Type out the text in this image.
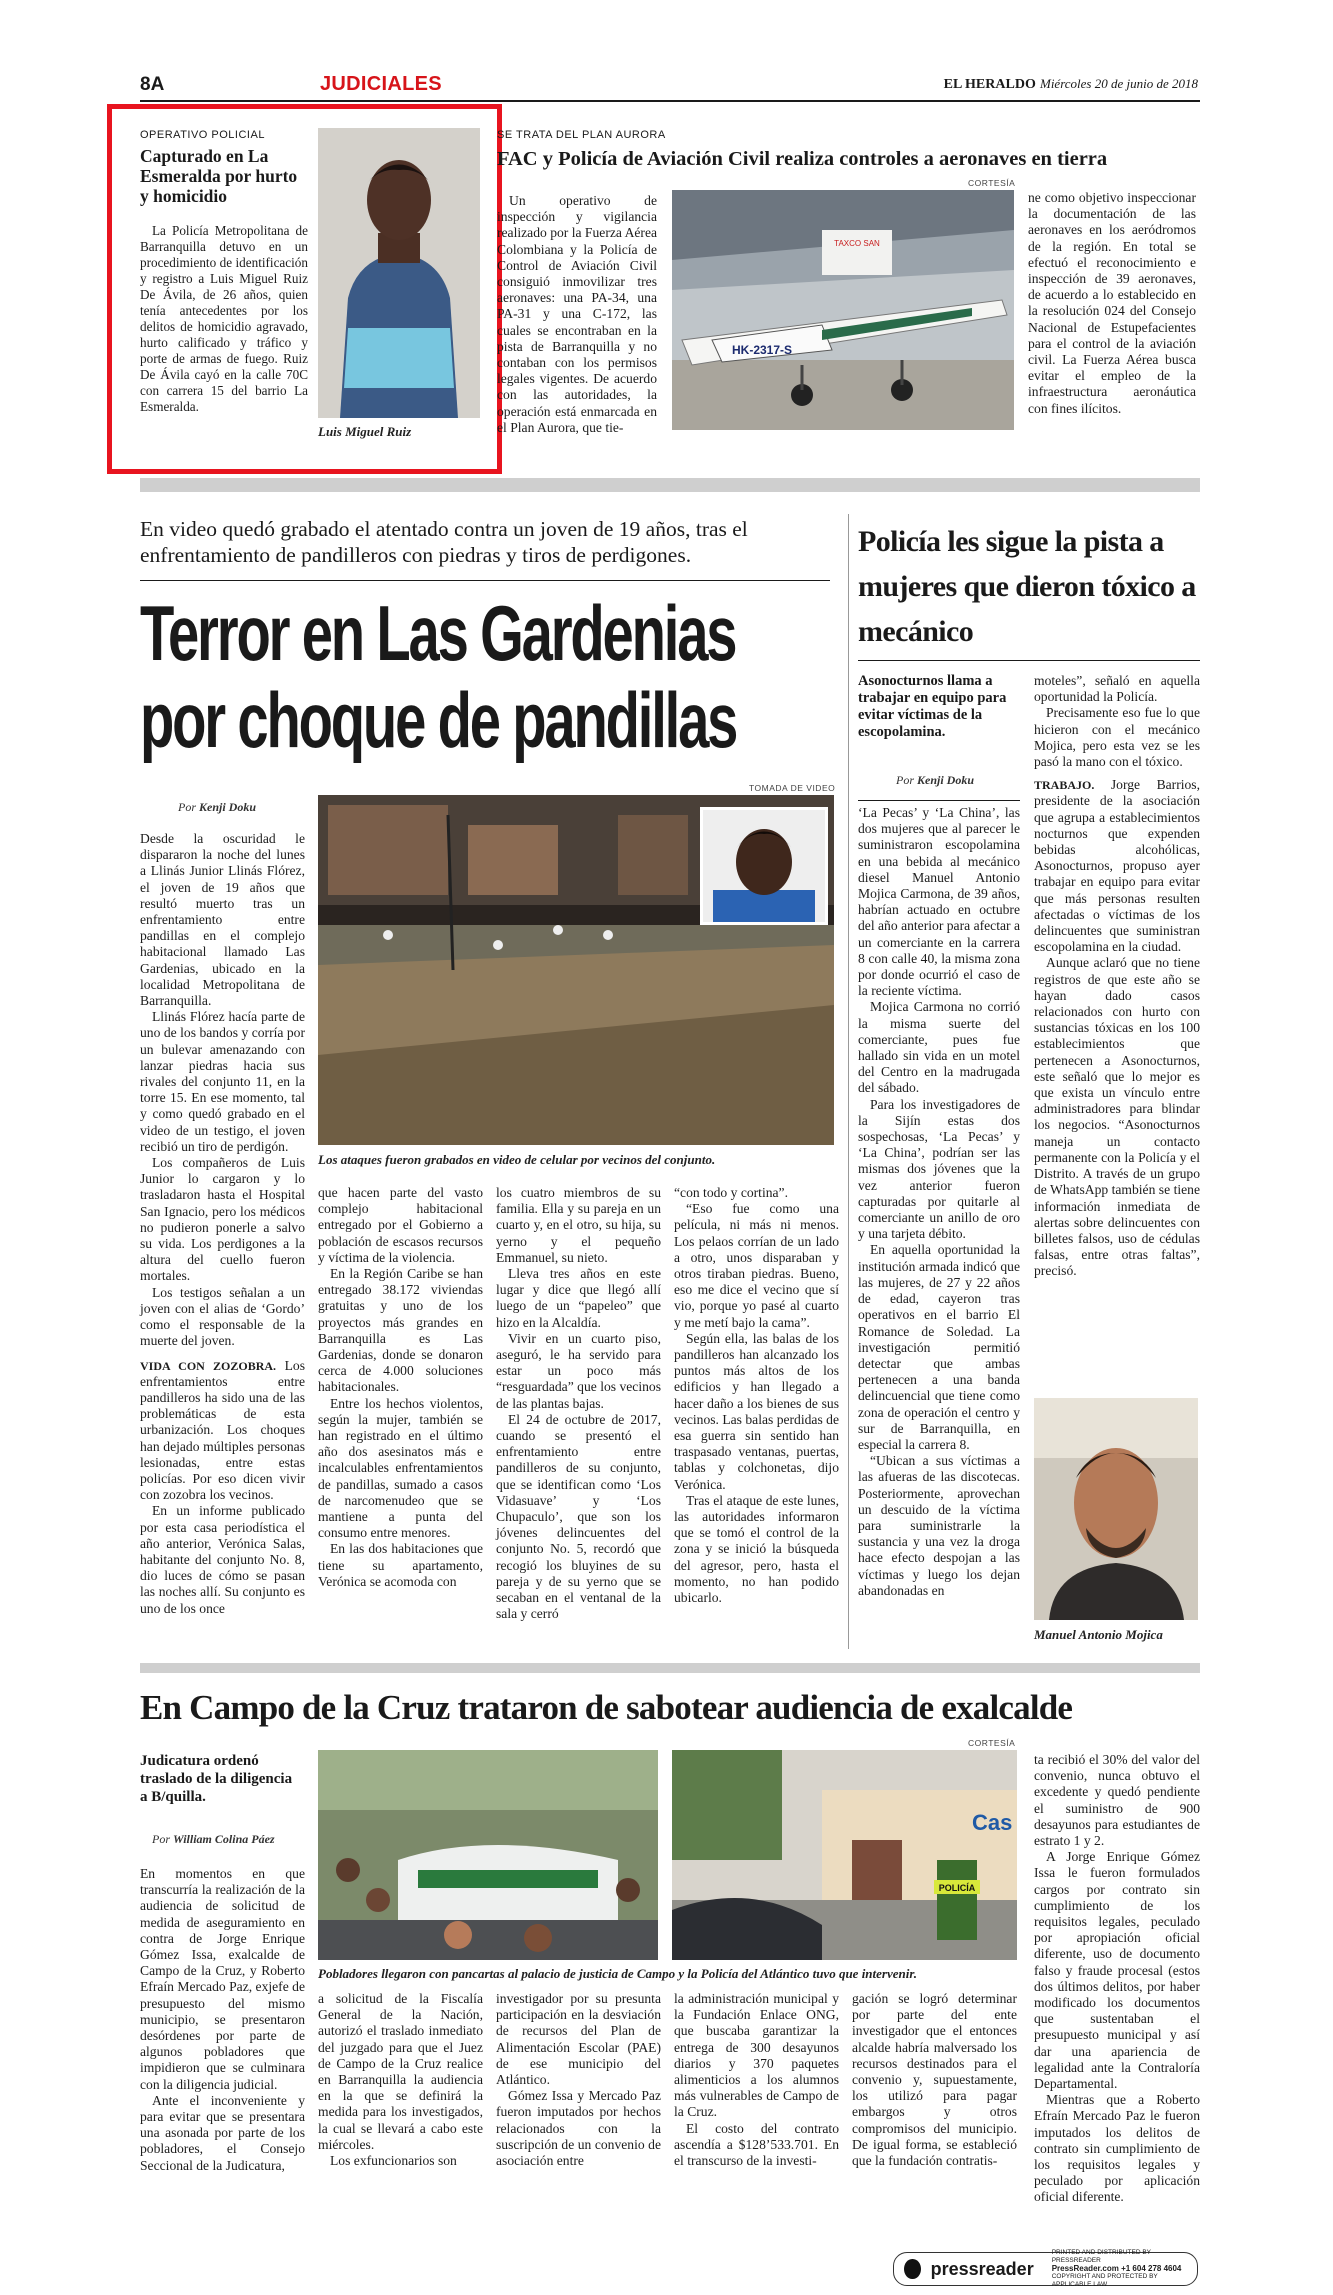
8A	JUDICIALES	EL HERALDO Miércoles 20 de junio de 2018
OPERATIVO POLICIAL
Capturado en La Esmeralda por hurto y homicidio
La Policía Metropolitana de Barranquilla detuvo en un procedimiento de identificación y registro a Luis Miguel Ruiz De Ávila, de 26 años, quien tenía antecedentes por los delitos de homicidio agravado, hurto calificado y tráfico y porte de armas de fuego. Ruiz De Ávila cayó en la calle 70C con carrera 15 del barrio La Esmeralda.
Luis Miguel Ruiz
SE TRATA DEL PLAN AURORA
FAC y Policía de Aviación Civil realiza controles a aeronaves en tierra
CORTESÍA
Un operativo de inspección y vigilancia realizado por la Fuerza Aérea Colombiana y la Policía de Control de Aviación Civil consiguió inmovilizar tres aeronaves: una PA-34, una PA-31 y una C-172, las cuales se encontraban en la pista de Barranquilla y no contaban con los permisos legales vigentes. De acuerdo con las autoridades, la operación está enmarcada en el Plan Aurora, que tie-
TAXCO SAN
HK-2317-S
ne como objetivo inspeccionar la documentación de las aeronaves en los aeródromos de la región. En total se efectuó el reconocimiento e inspección de 39 aeronaves, de acuerdo a lo establecido en la resolución 024 del Consejo Nacional de Estupefacientes para el control de la aviación civil. La Fuerza Aérea busca evitar el empleo de la infraestructura aeronáutica con fines ilícitos.
En video quedó grabado el atentado contra un joven de 19 años, tras el enfrentamiento de pandilleros con piedras y tiros de perdigones.
Terror en Las Gardenias
por choque de pandillas
Por Kenji Doku
TOMADA DE VIDEO
Los ataques fueron grabados en video de celular por vecinos del conjunto.

Desde la oscuridad le dispararon la noche del lunes a Llinás Junior Llinás Flórez, el joven de 19 años que resultó muerto tras un enfrentamiento entre pandillas en el complejo habitacional llamado Las Gardenias, ubicado en la localidad Metropolitana de Barranquilla.

Llinás Flórez hacía parte de uno de los bandos y corría por un bulevar amenazando con lanzar piedras hacia sus rivales del conjunto 11, en la torre 15. En ese momento, tal y como quedó grabado en el video de un testigo, el joven recibió un tiro de perdigón.

Los compañeros de Luis Junior lo cargaron y lo trasladaron hasta el Hospital San Ignacio, pero los médicos no pudieron ponerle a salvo su vida. Los perdigones a la altura del cuello fueron mortales.

Los testigos señalan a un joven con el alias de ‘Gordo’ como el responsable de la muerte del joven.

VIDA CON ZOZOBRA. Los enfrentamientos entre pandilleros ha sido una de las problemáticas de esta urbanización. Los choques han dejado múltiples personas lesionadas, entre estas policías. Por eso dicen vivir con zozobra los vecinos.

En un informe publicado por esta casa periodística el año anterior, Verónica Salas, habitante del conjunto No. 8, dio luces de cómo se pasan las noches allí. Su conjunto es uno de los once

que hacen parte del vasto complejo habitacional entregado por el Gobierno a población de escasos recursos y víctima de la violencia.

En la Región Caribe se han entregado 38.172 viviendas gratuitas y uno de los proyectos más grandes en Barranquilla es Las Gardenias, donde se donaron cerca de 4.000 soluciones habitacionales.

Entre los hechos violentos, según la mujer, también se han registrado en el último año dos asesinatos más e incalculables enfrentamientos de pandillas, sumado a casos de narcomenudeo que se mantiene a punta del consumo entre menores.

En las dos habitaciones que tiene su apartamento, Verónica se acomoda con

los cuatro miembros de su familia. Ella y su pareja en un cuarto y, en el otro, su hija, su yerno y el pequeño Emmanuel, su nieto.

Lleva tres años en este lugar y dice que llegó allí luego de un “papeleo” que hizo en la Alcaldía.

Vivir en un cuarto piso, aseguró, le ha servido para estar un poco más “resguardada” que los vecinos de las plantas bajas.

El 24 de octubre de 2017, cuando se presentó el enfrentamiento entre pandilleros de su conjunto, que se identifican como ‘Los Vidasuave’ y ‘Los Chupaculo’, que son los jóvenes delincuentes del conjunto No. 5, recordó que recogió los bluyines de su pareja y de su yerno que se secaban en el ventanal de la sala y cerró

“con todo y cortina”.

“Eso fue como una película, ni más ni menos. Los pelaos corrían de un lado a otro, unos disparaban y otros tiraban piedras. Bueno, eso me dice el vecino que sí vio, porque yo pasé al cuarto y me metí bajo la cama”.

Según ella, las balas de los pandilleros han alcanzado los puntos más altos de los edificios y han llegado a hacer daño a los bienes de sus vecinos. Las balas perdidas de esa guerra sin sentido han traspasado ventanas, puertas, tablas y colchonetas, dijo Verónica.

Tras el ataque de este lunes, las autoridades informaron que se tomó el control de la zona y se inició la búsqueda del agresor, pero, hasta el momento, no han podido ubicarlo.

Policía les sigue la pista a mujeres que dieron tóxico a mecánico
Asonocturnos llama a trabajar en equipo para evitar víctimas de la escopolamina.
Por Kenji Doku

‘La Pecas’ y ‘La China’, las dos mujeres que al parecer le suministraron escopolamina en una bebida al mecánico diesel Manuel Antonio Mojica Carmona, de 39 años, habrían actuado en octubre del año anterior para afectar a un comerciante en la carrera 8 con calle 40, la misma zona por donde ocurrió el caso de la reciente víctima.

Mojica Carmona no corrió la misma suerte del comerciante, pues fue hallado sin vida en un motel del Centro en la madrugada del sábado.

Para los investigadores de la Sijín estas dos sospechosas, ‘La Pecas’ y ‘La China’, podrían ser las mismas dos jóvenes que la vez anterior fueron capturadas por quitarle al comerciante un anillo de oro y una tarjeta débito.

En aquella oportunidad la institución armada indicó que las mujeres, de 27 y 22 años de edad, cayeron tras operativos en el barrio El Romance de Soledad. La investigación permitió detectar que ambas pertenecen a una banda delincuencial que tiene como zona de operación el centro y sur de Barranquilla, en especial la carrera 8.

“Ubican a sus víctimas a las afueras de las discotecas. Posteriormente, aprovechan un descuido de la víctima para suministrarle la sustancia y una vez la droga hace efecto despojan a las víctimas y luego los dejan abandonadas en

moteles”, señaló en aquella oportunidad la Policía.

Precisamente eso fue lo que hicieron con el mecánico Mojica, pero esta vez se les pasó la mano con el tóxico.

TRABAJO. Jorge Barrios, presidente de la asociación que agrupa a establecimientos nocturnos que expenden bebidas alcohólicas, Asonocturnos, propuso ayer trabajar en equipo para evitar que más personas resulten afectadas o víctimas de los delincuentes que suministran escopolamina en la ciudad.

Aunque aclaró que no tiene registros de que este año se hayan dado casos relacionados con hurto con sustancias tóxicas en los 100 establecimientos que pertenecen a Asonocturnos, este señaló que lo mejor es que exista un vínculo entre administradores para blindar los negocios. “Asonocturnos maneja un contacto permanente con la Policía y el Distrito. A través de un grupo de WhatsApp también se tiene información inmediata de alertas sobre delincuentes con billetes falsos, uso de cédulas falsas, entre otras faltas”, precisó.

Manuel Antonio Mojica
En Campo de la Cruz trataron de sabotear audiencia de exalcalde
Judicatura ordenó traslado de la diligencia a B/quilla.
Por William Colina Páez
CORTESÍA
Cas
POLICÍA
Pobladores llegaron con pancartas al palacio de justicia de Campo y la Policía del Atlántico tuvo que intervenir.

En momentos en que transcurría la realización de la audiencia de solicitud de medida de aseguramiento en contra de Jorge Enrique Gómez Issa, exalcalde de Campo de la Cruz, y Roberto Efraín Mercado Paz, exjefe de presupuesto del mismo municipio, se presentaron desórdenes por parte de algunos pobladores que impidieron que se culminara con la diligencia judicial.

Ante el inconveniente y para evitar que se presentara una asonada por parte de los pobladores, el Consejo Seccional de la Judicatura,

a solicitud de la Fiscalía General de la Nación, autorizó el traslado inmediato del juzgado para que el Juez de Campo de la Cruz realice en Barranquilla la audiencia en la que se definirá la medida para los investigados, la cual se llevará a cabo este miércoles.

Los exfuncionarios son

investigador por su presunta participación en la desviación de recursos del Plan de Alimentación Escolar (PAE) de ese municipio del Atlántico.

Gómez Issa y Mercado Paz fueron imputados por hechos relacionados con la suscripción de un convenio de asociación entre

la administración municipal y la Fundación Enlace ONG, que buscaba garantizar la entrega de 300 desayunos diarios y 370 paquetes alimenticios a los alumnos más vulnerables de Campo de la Cruz.

El costo del contrato ascendía a $128’533.701. En el transcurso de la investi-

gación se logró determinar por parte del ente investigador que el entonces alcalde habría malversado los recursos destinados para el convenio y, supuestamente, los utilizó para pagar embargos y otros compromisos del municipio. De igual forma, se estableció que la fundación contratis-

ta recibió el 30% del valor del convenio, nunca obtuvo el excedente y quedó pendiente el suministro de 900 desayunos para estudiantes de estrato 1 y 2.

A Jorge Enrique Gómez Issa le fueron formulados cargos por contrato sin cumplimiento de los requisitos legales, peculado por apropiación oficial diferente, uso de documento falso y fraude procesal (estos dos últimos delitos, por haber modificado los documentos que sustentaban el presupuesto municipal y así dar una apariencia de legalidad ante la Contraloría Departamental.

Mientras que a Roberto Efraín Mercado Paz le fueron imputados los delitos de contrato sin cumplimiento de los requisitos legales y peculado por aplicación oficial diferente.

pressreader
PRINTED AND DISTRIBUTED BY PRESSREADER
PressReader.com +1 604 278 4604
COPYRIGHT AND PROTECTED BY APPLICABLE LAW
